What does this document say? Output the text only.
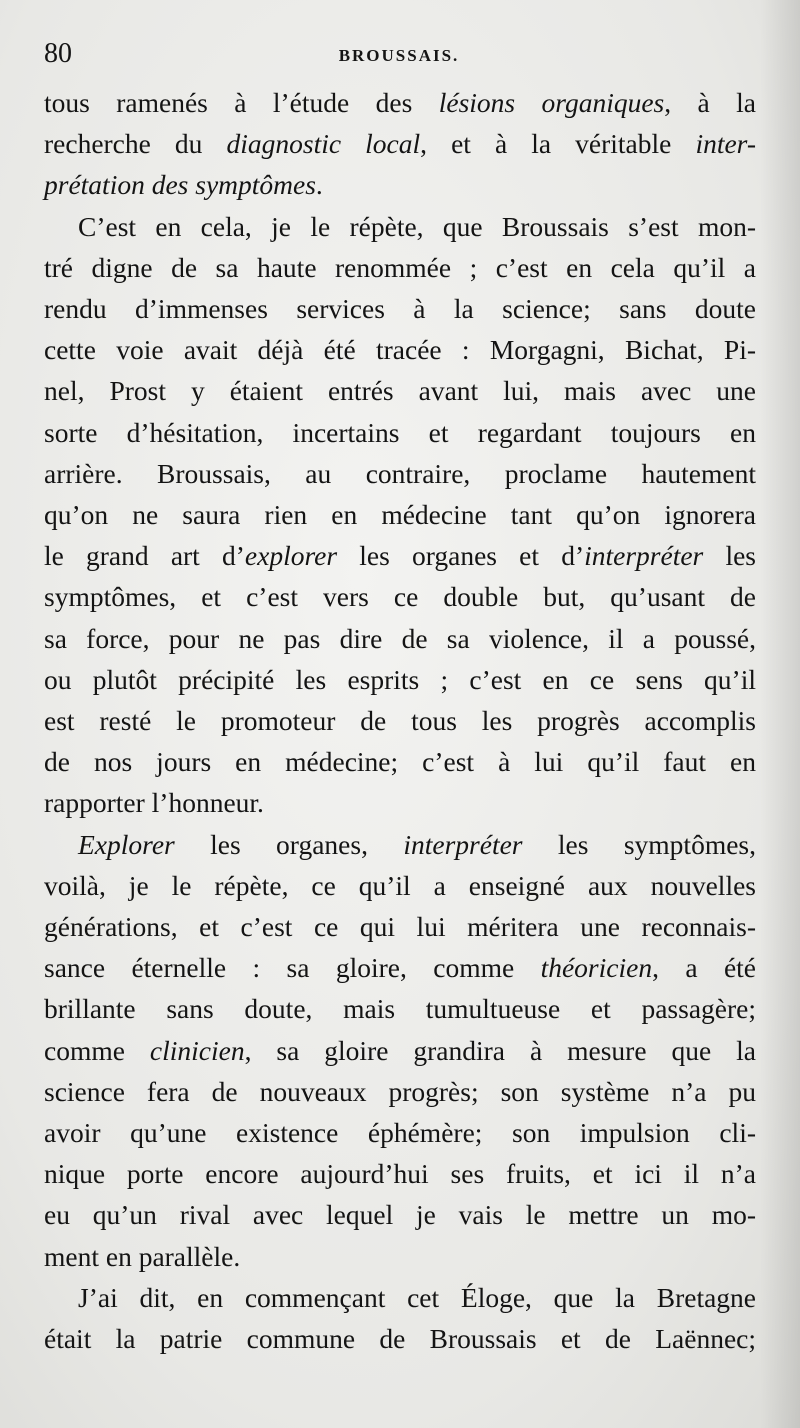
80	BROUSSAIS.
tous ramenés à l’étude des lésions organiques, à la
recherche du diagnostic local, et à la véritable inter-
prétation des symptômes.
C’est en cela, je le répète, que Broussais s’est mon-
tré digne de sa haute renommée ; c’est en cela qu’il a
rendu d’immenses services à la science; sans doute
cette voie avait déjà été tracée : Morgagni, Bichat, Pi-
nel, Prost y étaient entrés avant lui, mais avec une
sorte d’hésitation, incertains et regardant toujours en
arrière. Broussais, au contraire, proclame hautement
qu’on ne saura rien en médecine tant qu’on ignorera
le grand art d’explorer les organes et d’interpréter les
symptômes, et c’est vers ce double but, qu’usant de
sa force, pour ne pas dire de sa violence, il a poussé,
ou plutôt précipité les esprits ; c’est en ce sens qu’il
est resté le promoteur de tous les progrès accomplis
de nos jours en médecine; c’est à lui qu’il faut en
rapporter l’honneur.
Explorer les organes, interpréter les symptômes,
voilà, je le répète, ce qu’il a enseigné aux nouvelles
générations, et c’est ce qui lui méritera une reconnais-
sance éternelle : sa gloire, comme théoricien, a été
brillante sans doute, mais tumultueuse et passagère;
comme clinicien, sa gloire grandira à mesure que la
science fera de nouveaux progrès; son système n’a pu
avoir qu’une existence éphémère; son impulsion cli-
nique porte encore aujourd’hui ses fruits, et ici il n’a
eu qu’un rival avec lequel je vais le mettre un mo-
ment en parallèle.
J’ai dit, en commençant cet Éloge, que la Bretagne
était la patrie commune de Broussais et de Laënnec;
